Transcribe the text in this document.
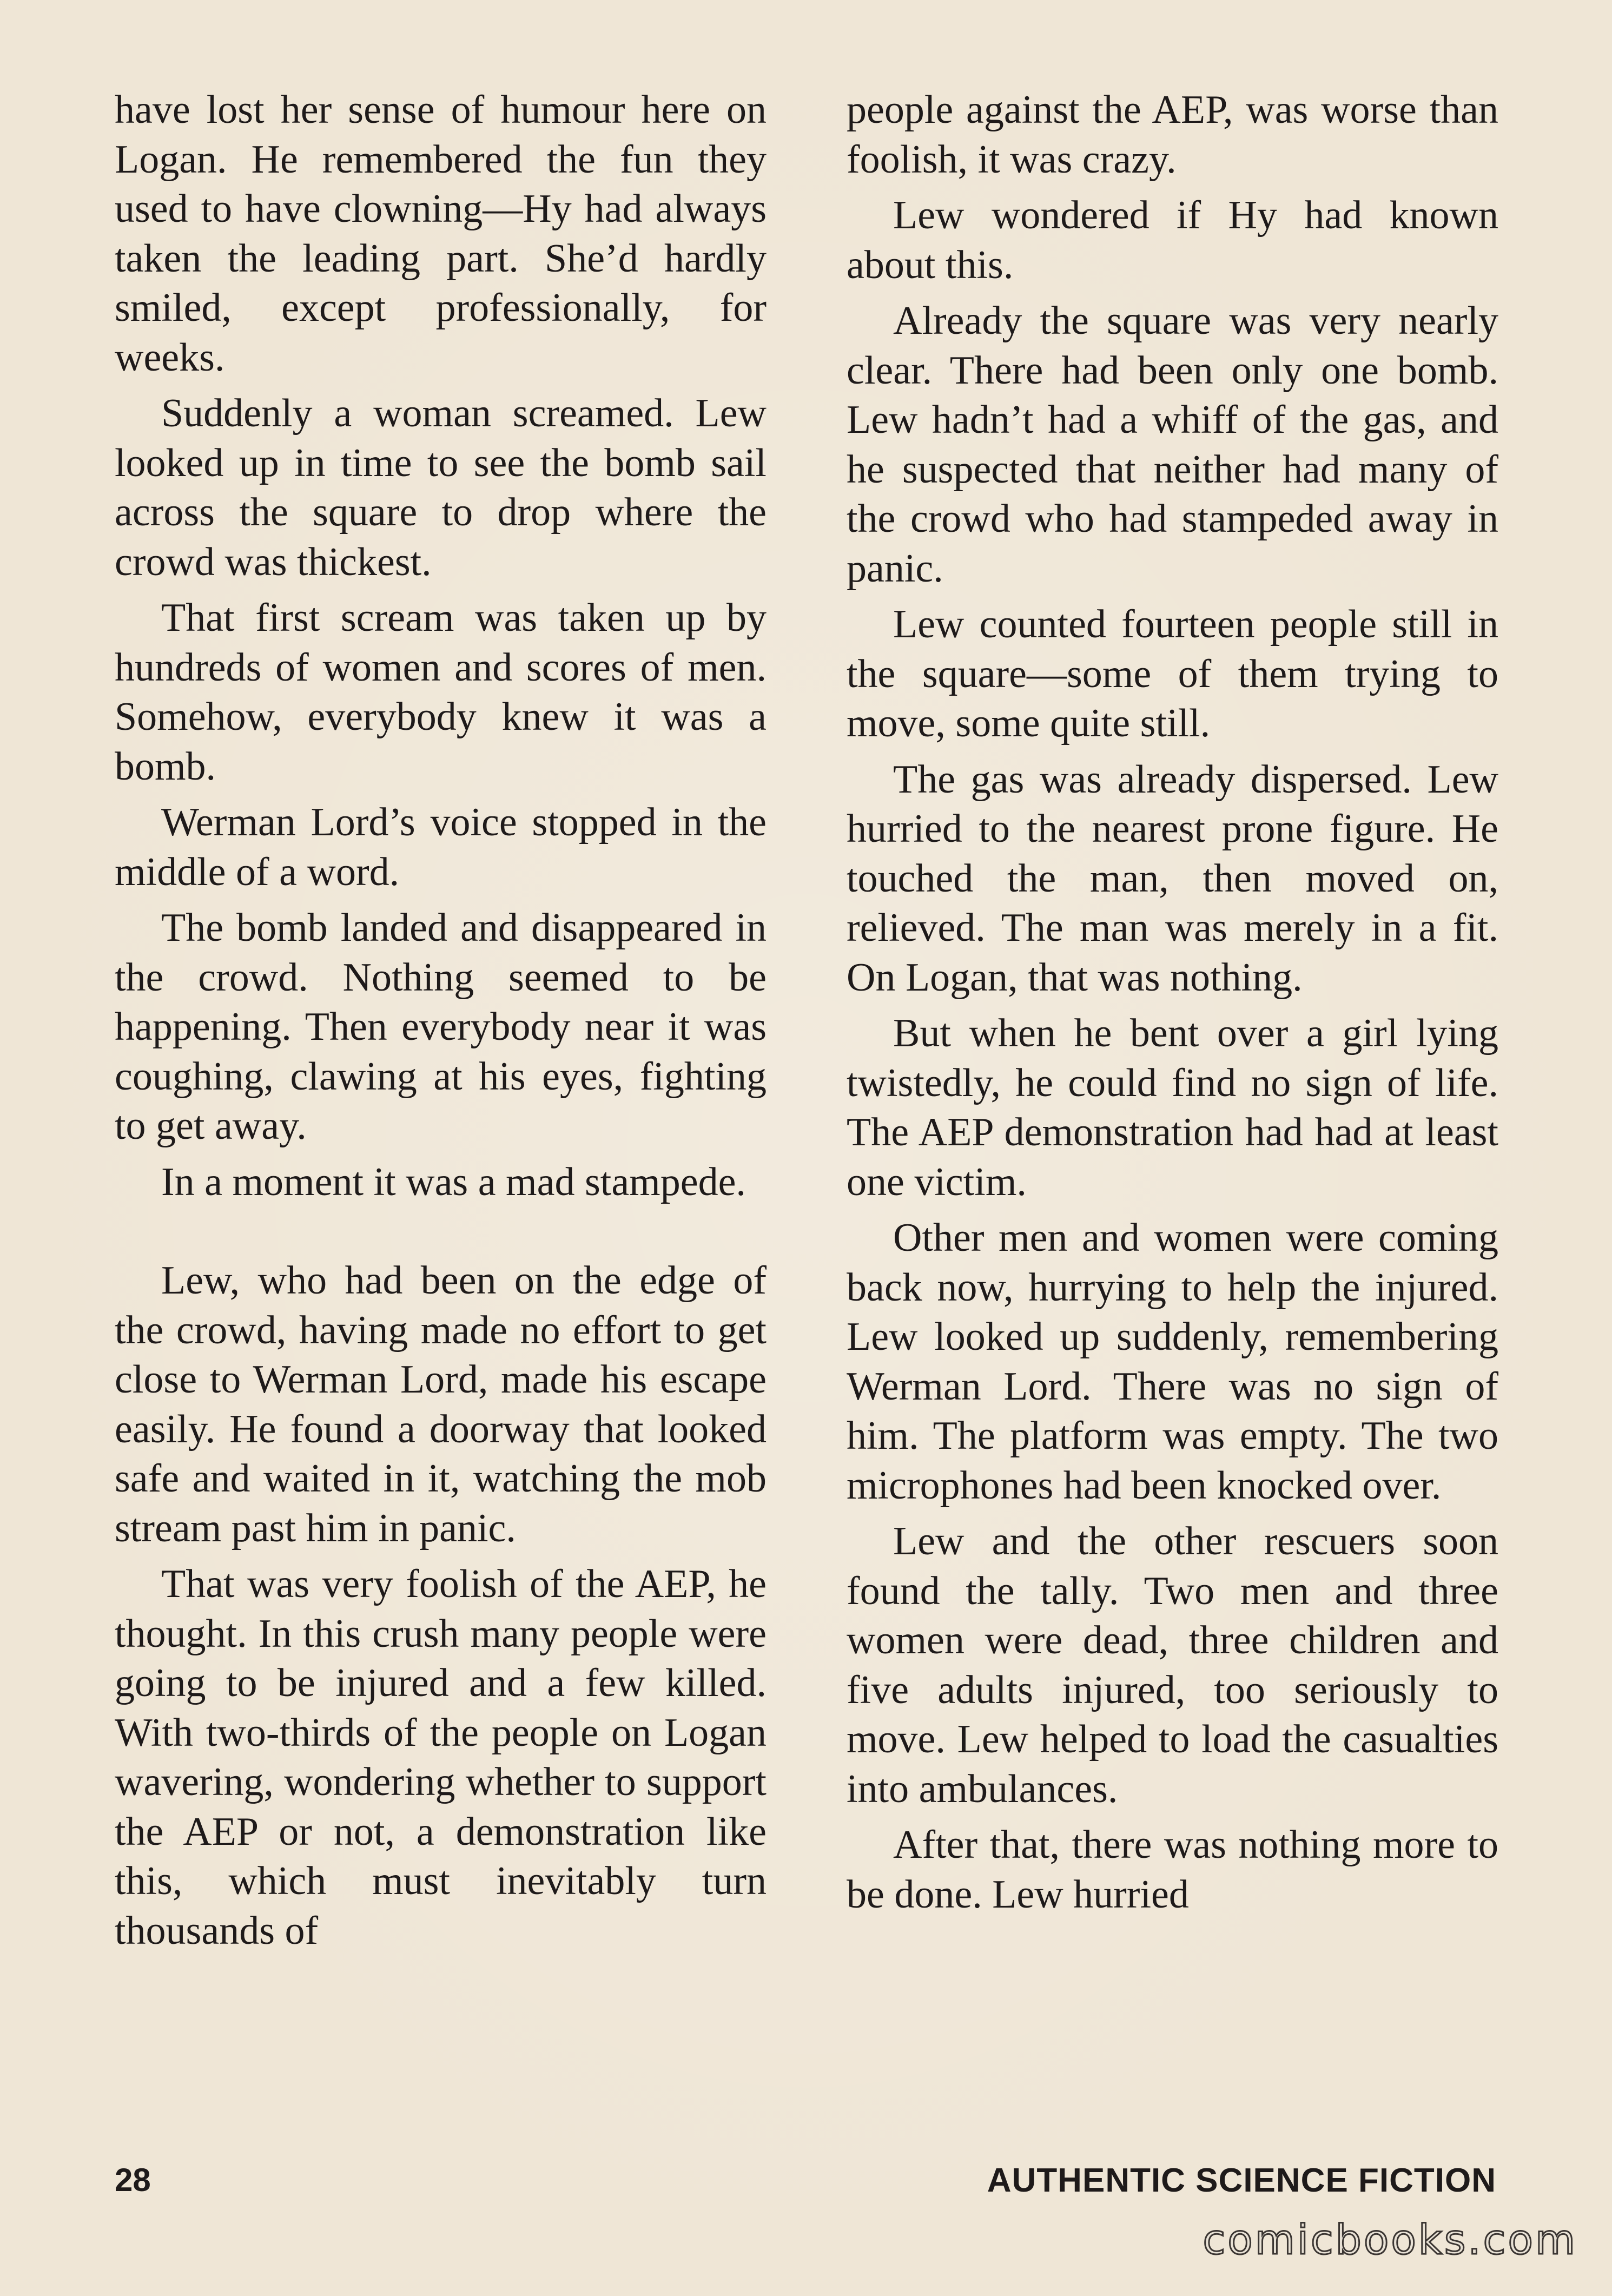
have lost her sense of humour here on Logan. He remembered the fun they used to have clowning—Hy had always taken the leading part. She’d hardly smiled, except professionally, for weeks.

Suddenly a woman screamed. Lew looked up in time to see the bomb sail across the square to drop where the crowd was thickest.

That first scream was taken up by hundreds of women and scores of men. Somehow, everybody knew it was a bomb.

Werman Lord’s voice stopped in the middle of a word.

The bomb landed and disappeared in the crowd. Nothing seemed to be happening. Then everybody near it was coughing, clawing at his eyes, fighting to get away.

In a moment it was a mad stampede.

Lew, who had been on the edge of the crowd, having made no effort to get close to Werman Lord, made his escape easily. He found a doorway that looked safe and waited in it, watching the mob stream past him in panic.

That was very foolish of the AEP, he thought. In this crush many people were going to be injured and a few killed. With two-thirds of the people on Logan wavering, wondering whether to support the AEP or not, a demonstration like this, which must inevitably turn thousands of

people against the AEP, was worse than foolish, it was crazy.

Lew wondered if Hy had known about this.

Already the square was very nearly clear. There had been only one bomb. Lew hadn’t had a whiff of the gas, and he suspected that neither had many of the crowd who had stampeded away in panic.

Lew counted fourteen people still in the square—some of them trying to move, some quite still.

The gas was already dispersed. Lew hurried to the nearest prone figure. He touched the man, then moved on, relieved. The man was merely in a fit. On Logan, that was nothing.

But when he bent over a girl lying twistedly, he could find no sign of life. The AEP demonstration had had at least one victim.

Other men and women were coming back now, hurrying to help the injured. Lew looked up suddenly, remembering Werman Lord. There was no sign of him. The platform was empty. The two microphones had been knocked over.

Lew and the other rescuers soon found the tally. Two men and three women were dead, three children and five adults injured, too seriously to move. Lew helped to load the casualties into ambulances.

After that, there was nothing more to be done. Lew hurried

28	AUTHENTIC SCIENCE FICTION
comicbooks.com
